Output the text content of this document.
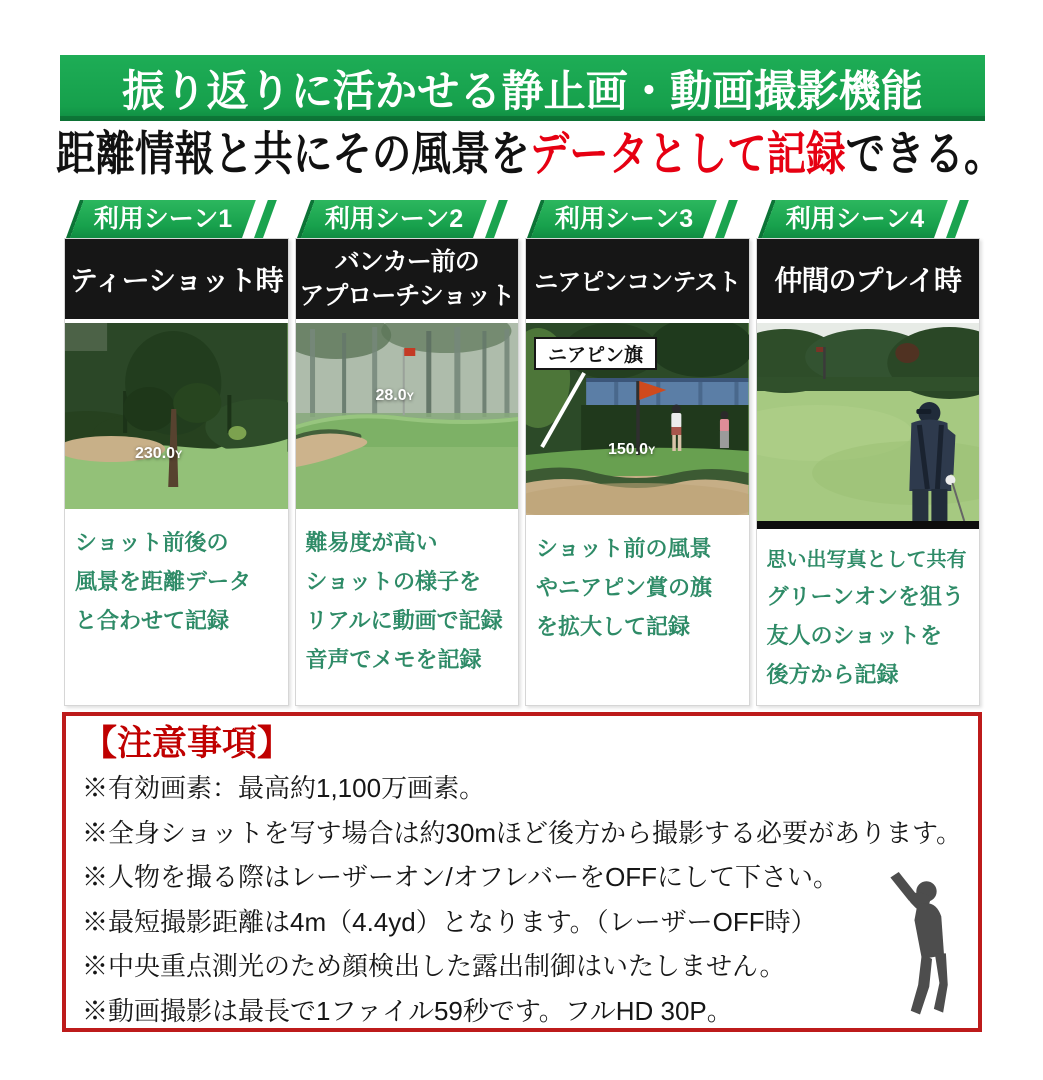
振り返りに活かせる静止画・動画撮影機能
距離情報と共にその風景をデータとして記録できる。
利用シーン1
ティーショット時
230.0Y
ショット前後の
風景を距離データ
と合わせて記録
利用シーン2
バンカー前の
アプローチショット
28.0Y
難易度が高い
ショットの様子を
リアルに動画で記録
音声でメモを記録
利用シーン3
ニアピンコンテスト
ニアピン旗
150.0Y
ショット前の風景
やニアピン賞の旗
を拡大して記録
利用シーン4
仲間のプレイ時
思い出写真として共有
グリーンオンを狙う
友人のショットを
後方から記録
【注意事項】
※有効画素：最高約1,100万画素。
※全身ショットを写す場合は約30mほど後方から撮影する必要があります。
※人物を撮る際はレーザーオン/オフレバーをOFFにして下さい。
※最短撮影距離は4m（4.4yd）となります。（レーザーOFF時）
※中央重点測光のため顔検出した露出制御はいたしません。
※動画撮影は最長で1ファイル59秒です。フルHD 30P。
